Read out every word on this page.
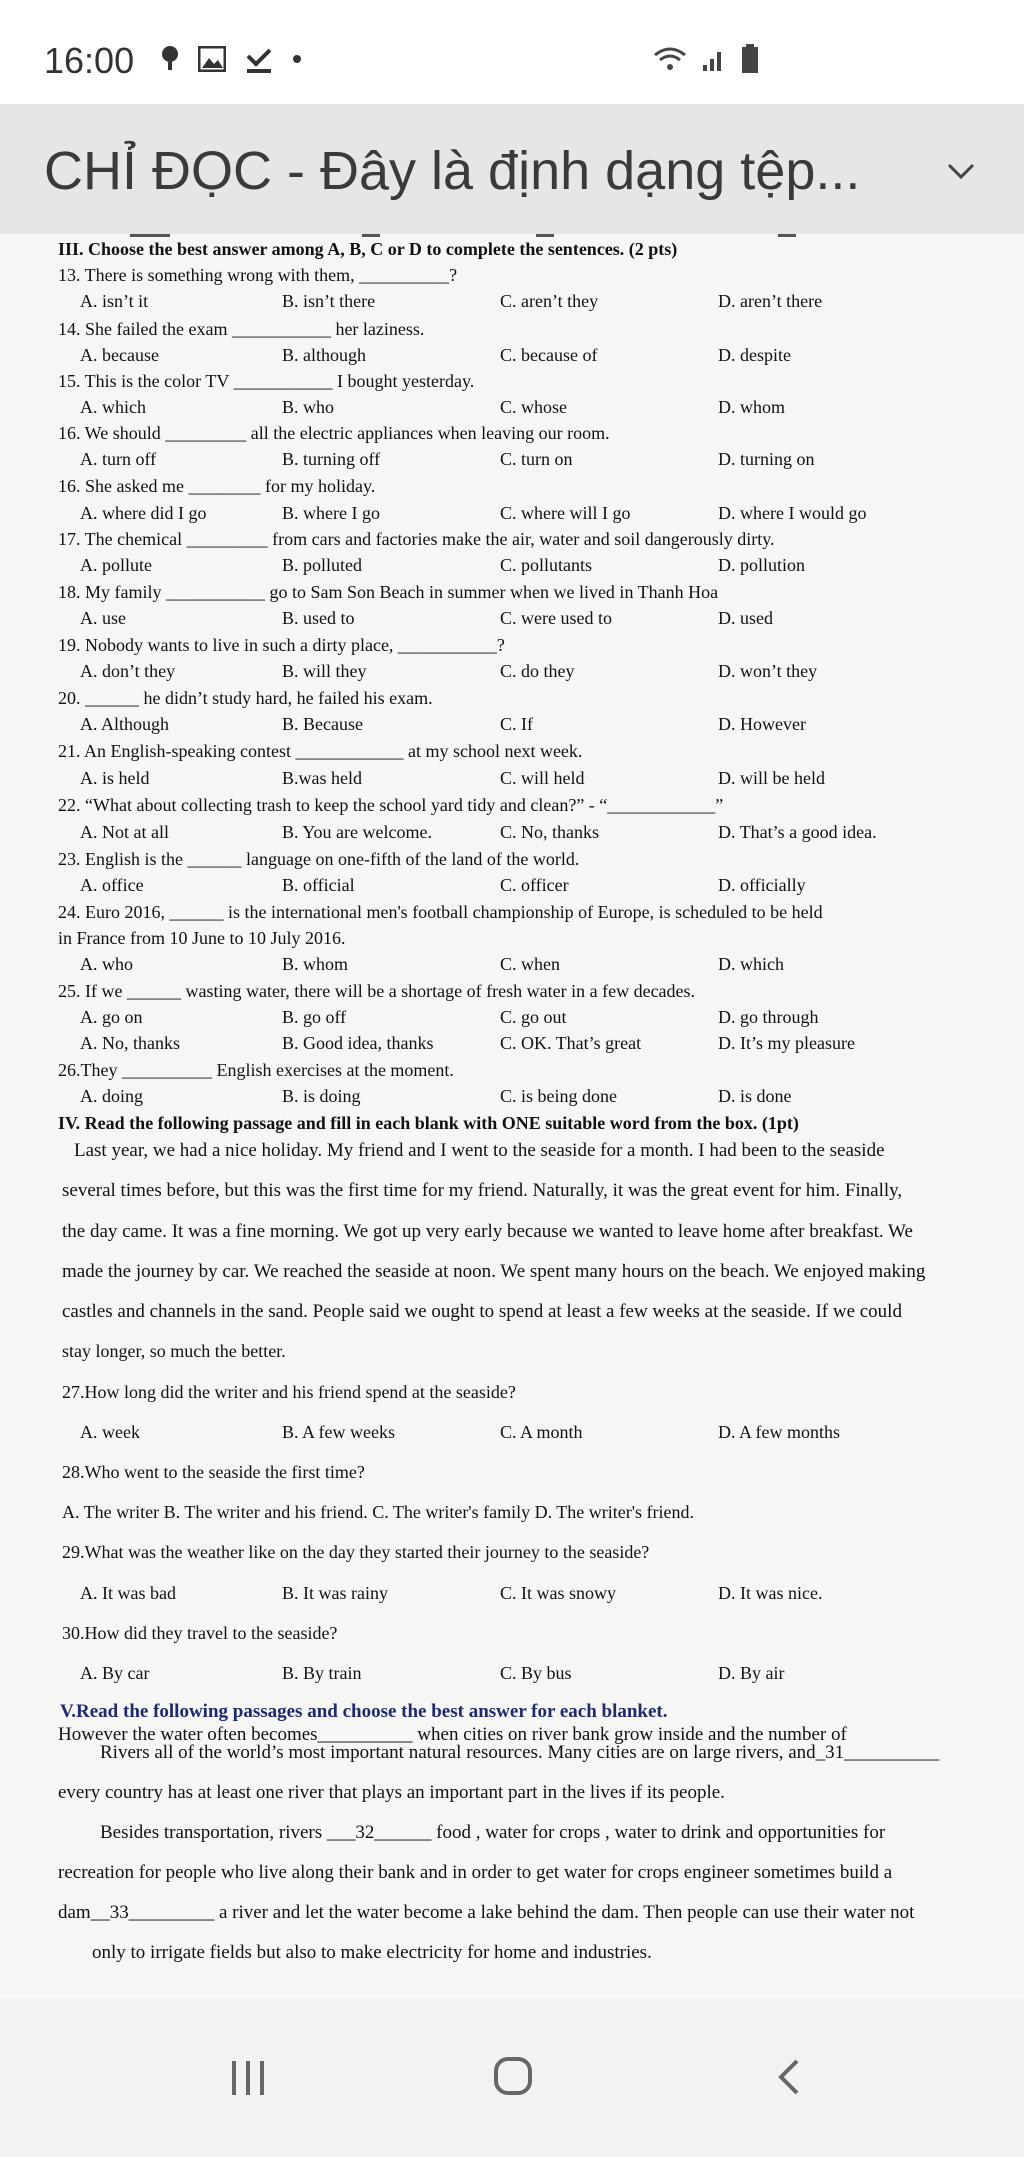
16:00
CHỈ ĐỌC - Đây là định dạng tệp...
III. Choose the best answer among A, B, C or D to complete the sentences. (2 pts)
13. There is something wrong with them, __________?
A. isn’t it	B. isn’t there	C. aren’t they	D. aren’t there
14. She failed the exam ___________ her laziness.
A. because	B. although	C. because of	D. despite
15. This is the color TV ___________ I bought yesterday.
A. which	B. who	C. whose	D. whom
16. We should _________ all the electric appliances when leaving our room.
A. turn off	B. turning off	C. turn on	D. turning on
16. She asked me ________ for my holiday.
A. where did I go	B. where I go	C. where will I go	D. where I would go
17. The chemical _________ from cars and factories make the air, water and soil dangerously dirty.
A. pollute	B. polluted	C. pollutants	D. pollution
18. My family ___________ go to Sam Son Beach in summer when we lived in Thanh Hoa
A. use	B. used to	C. were used to	D. used
19. Nobody wants to live in such a dirty place, ___________?
A. don’t they	B. will they	C. do they	D. won’t they
20. ______ he didn’t study hard, he failed his exam.
A. Although	B. Because	C. If	D. However
21. An English-speaking contest ____________ at my school next week.
A. is held	B.was held	C. will held	D. will be held
22. “What about collecting trash to keep the school yard tidy and clean?” - “____________”
A. Not at all	B. You are welcome.	C. No, thanks	D. That’s a good idea.
23. English is the ______ language on one-fifth of the land of the world.
A. office	B. official	C. officer	D. officially
24. Euro 2016, ______ is the international men's football championship of Europe, is scheduled to be held
in France from 10 June to 10 July 2016.
A. who	B. whom	C. when	D. which
25. If we ______ wasting water, there will be a shortage of fresh water in a few decades.
A. go on	B. go off	C. go out	D. go through
A. No, thanks	B. Good idea, thanks	C. OK. That’s great	D. It’s my pleasure
26.They __________ English exercises at the moment.
A. doing	B. is doing	C. is being done	D. is done
IV. Read the following passage and fill in each blank with ONE suitable word from the box. (1pt)
Last year, we had a nice holiday. My friend and I went to the seaside for a month. I had been to the seaside
several times before, but this was the first time for my friend. Naturally, it was the great event for him. Finally,
the day came. It was a fine morning. We got up very early because we wanted to leave home after breakfast. We
made the journey by car. We reached the seaside at noon. We spent many hours on the beach. We enjoyed making
castles and channels in the sand. People said we ought to spend at least a few weeks at the seaside. If we could
stay longer, so much the better.
27.How long did the writer and his friend spend at the seaside?
A. week	B. A few weeks	C. A month	D. A few months
28.Who went to the seaside the first time?
A. The writer B. The writer and his friend. C. The writer's family D. The writer's friend.
29.What was the weather like on the day they started their journey to the seaside?
A. It was bad	B. It was rainy	C. It was snowy	D. It was nice.
30.How did they travel to the seaside?
A. By car	B. By train	C. By bus	D. By air
V.Read the following passages and choose the best answer for each blanket.
Rivers all of the world’s most important natural resources. Many cities are on large rivers, and_31__________
every country has at least one river that plays an important part in the lives if its people.
Besides transportation, rivers ___32______ food , water for crops , water to drink and opportunities for
recreation for people who live along their bank and in order to get water for crops engineer sometimes build a
dam__33_________ a river and let the water become a lake behind the dam. Then people can use their water not
only to irrigate fields but also to make electricity for home and industries.
However the water often becomes__________ when cities on river bank grow inside and the number of
